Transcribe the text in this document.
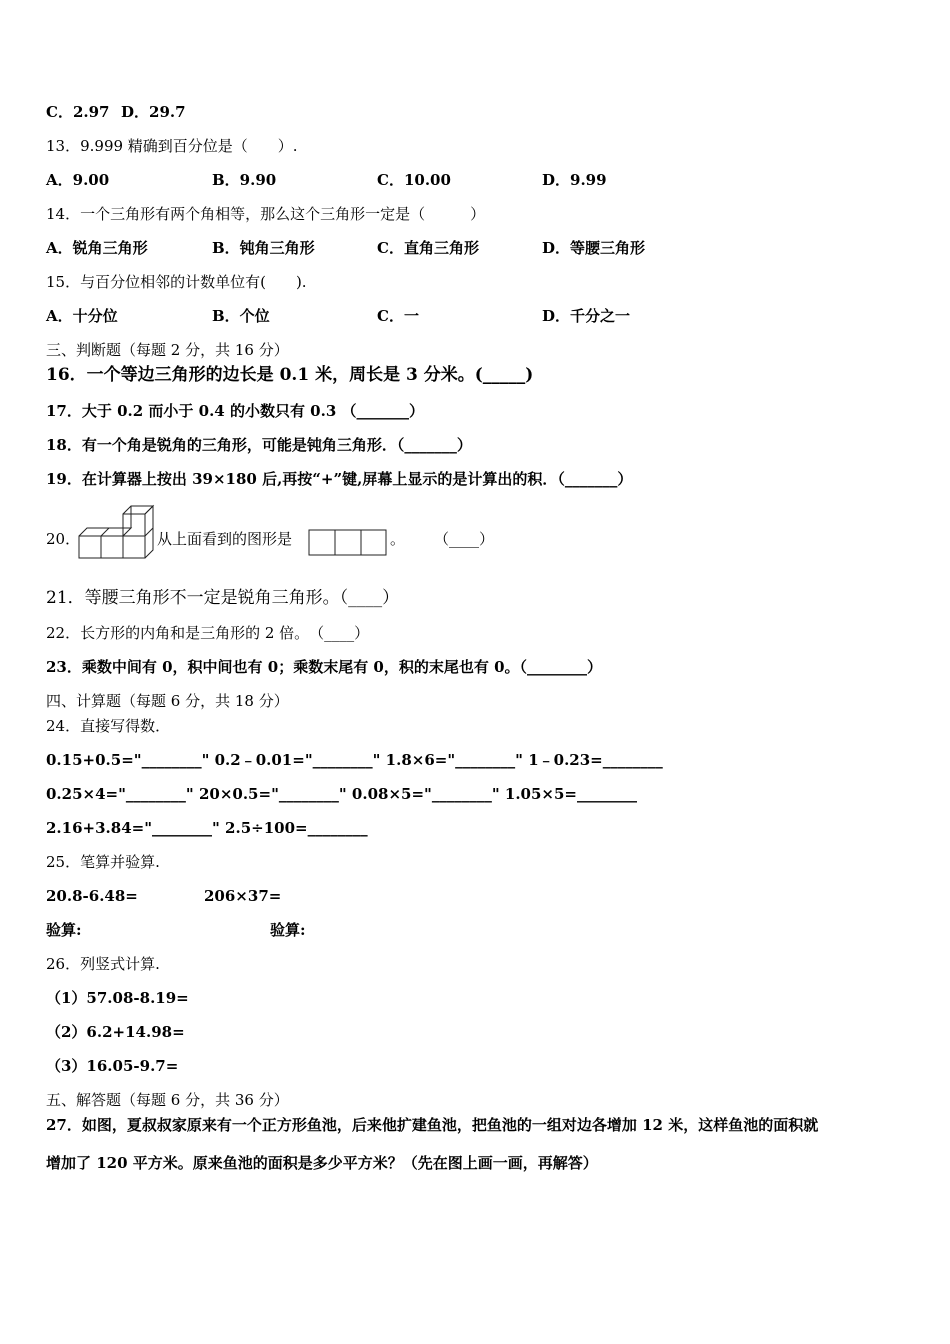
C．2.97 D．29.7
13．9.999 精确到百分位是（　　）.
A．9.00	B．9.90	C．10.00	D．9.99
14．一个三角形有两个角相等，那么这个三角形一定是（　　　）
A．锐角三角形	B．钝角三角形	C．直角三角形	D．等腰三角形
15．与百分位相邻的计数单位有(　　).
A．十分位	B．个位	C．一	D．千分之一
三、判断题（每题 2 分，共 16 分）
16．一个等边三角形的边长是 0.1 米，周长是 3 分米。(_____)
17．大于 0.2 而小于 0.4 的小数只有 0.3 （_______）
18．有一个角是锐角的三角形，可能是钝角三角形．（_______）
19．在计算器上按出 39×180 后,再按“+”键,屏幕上显示的是计算出的积．（_______）
20．	从上面看到的图形是	。 （____）
21．等腰三角形不一定是锐角三角形。（____）
22．长方形的内角和是三角形的 2 倍。　（____）
23．乘数中间有 0，积中间也有 0；乘数末尾有 0，积的末尾也有 0。（________）
四、计算题（每题 6 分，共 18 分）
24．直接写得数．
0.15+0.5="________" 0.2﹣0.01="________" 1.8×6="________" 1﹣0.23=________
0.25×4="________" 20×0.5="________" 0.08×5="________" 1.05×5=________
2.16+3.84="________" 2.5÷100=________
25．笔算并验算.
20.8-6.48=	206×37=
验算:	验算:
26．列竖式计算.
（1）57.08-8.19=
（2）6.2+14.98=
（3）16.05-9.7=
五、解答题（每题 6 分，共 36 分）
27．如图，夏叔叔家原来有一个正方形鱼池，后来他扩建鱼池，把鱼池的一组对边各增加 12 米，这样鱼池的面积就
增加了 120 平方米。原来鱼池的面积是多少平方米？（先在图上画一画，再解答）
